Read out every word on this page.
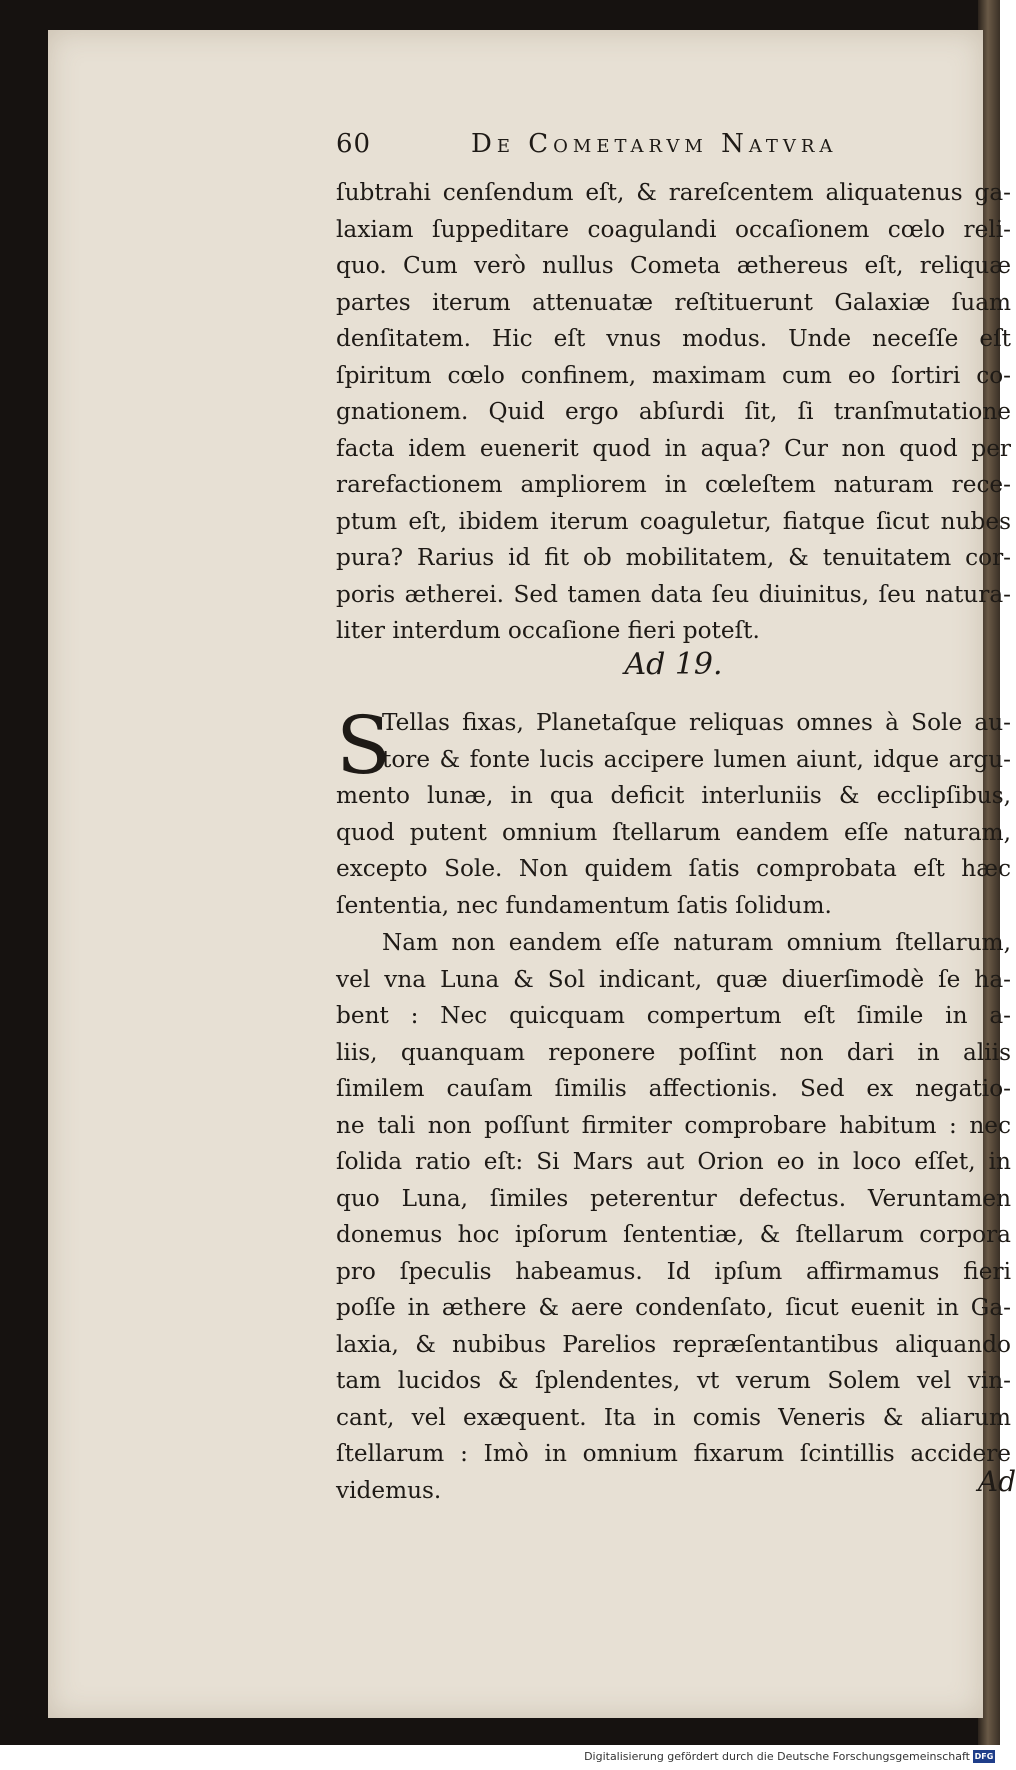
60	De Cometarvm Natvra
ſubtrahi cenſendum eſt, & rareſcentem aliquatenus ga-
laxiam ſuppeditare coagulandi occaſionem cœlo reli-
quo. Cum verò nullus Cometa æthereus eſt, reliquæ
partes iterum attenuatæ reſtituerunt Galaxiæ ſuam
denſitatem. Hic eſt vnus modus. Unde neceſſe eſt
ſpiritum cœlo confinem, maximam cum eo ſortiri co-
gnationem. Quid ergo abſurdi ſit, ſi tranſmutatione
facta idem euenerit quod in aqua? Cur non quod per
rarefactionem ampliorem in cœleſtem naturam rece-
ptum eſt, ibidem iterum coaguletur, fiatque ſicut nubes
pura? Rarius id fit ob mobilitatem, & tenuitatem cor-
poris ætherei. Sed tamen data ſeu diuinitus, ſeu natura-
liter interdum occaſione fieri poteſt.
Ad 19.
S
Tellas fixas, Planetaſque reliquas omnes à Sole au-
tore & fonte lucis accipere lumen aiunt, idque argu-
mento lunæ, in qua deficit interluniis & ecclipſibus,
quod putent omnium ſtellarum eandem eſſe naturam,
excepto Sole. Non quidem ſatis comprobata eſt hæc
ſententia, nec fundamentum ſatis ſolidum.
Nam non eandem eſſe naturam omnium ſtellarum,
vel vna Luna & Sol indicant, quæ diuerſimodè ſe ha-
bent : Nec quicquam compertum eſt ſimile in a-
liis, quanquam reponere poſſint non dari in aliis
ſimilem cauſam ſimilis affectionis. Sed ex negatio-
ne tali non poſſunt firmiter comprobare habitum : nec
ſolida ratio eſt: Si Mars aut Orion eo in loco eſſet, in
quo Luna, ſimiles peterentur defectus. Veruntamen
donemus hoc ipſorum ſententiæ, & ſtellarum corpora
pro ſpeculis habeamus. Id ipſum affirmamus fieri
poſſe in æthere & aere condenſato, ſicut euenit in Ga-
laxia, & nubibus Parelios repræſentantibus aliquando
tam lucidos & ſplendentes, vt verum Solem vel vin-
cant, vel exæquent. Ita in comis Veneris & aliarum
ſtellarum : Imò in omnium fixarum ſcintillis accidere
videmus.	Ad
Digitalisierung gefördert durch die Deutsche Forschungsgemeinschaft DFG
